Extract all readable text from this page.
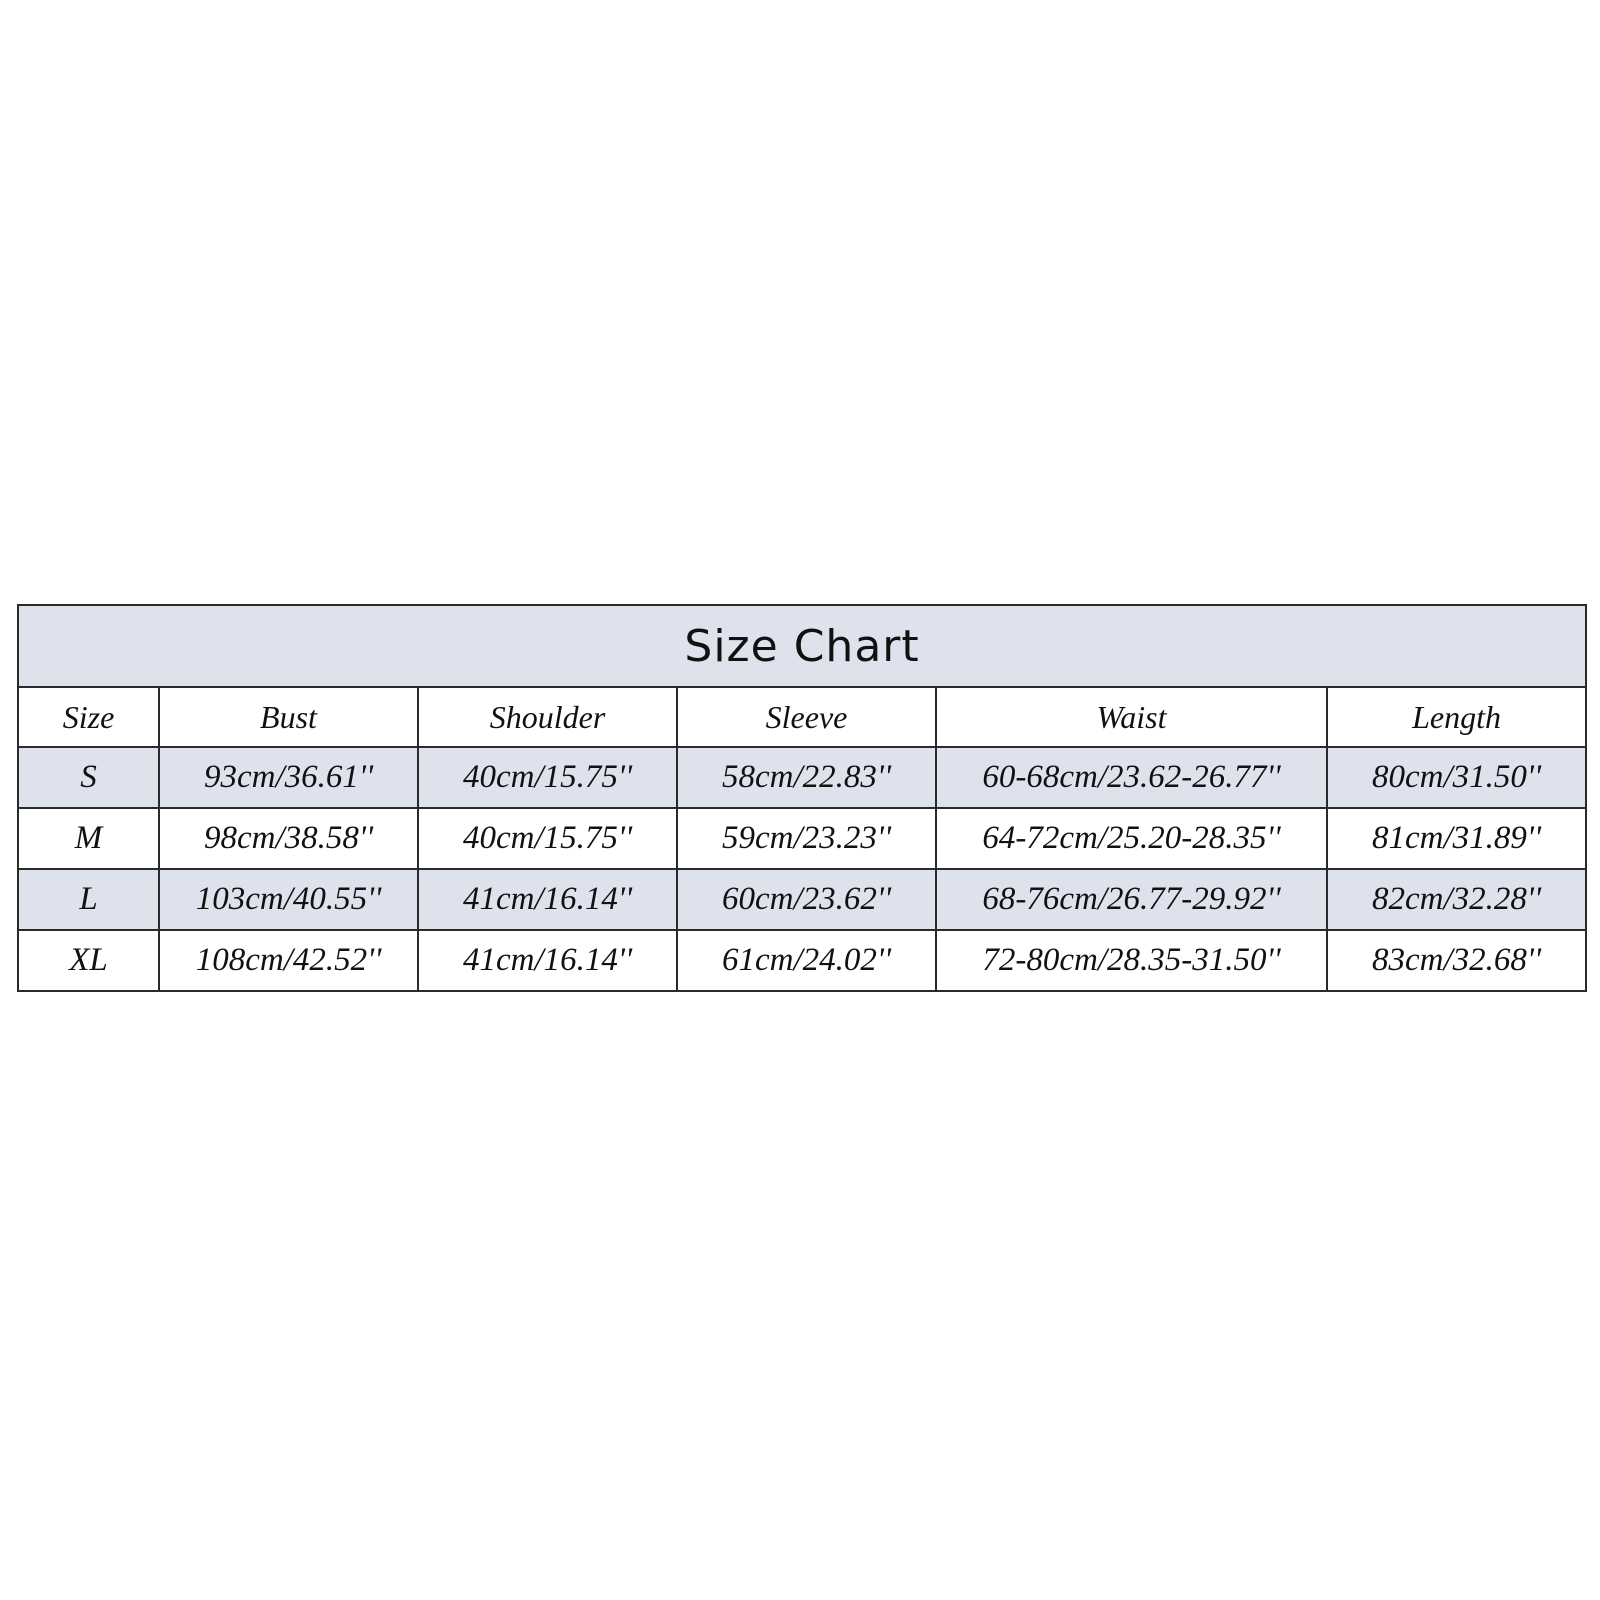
Size Chart					
Size	Bust	Shoulder	Sleeve	Waist	Length
S	93cm/36.61''	40cm/15.75''	58cm/22.83''	60-68cm/23.62-26.77''	80cm/31.50''
M	98cm/38.58''	40cm/15.75''	59cm/23.23''	64-72cm/25.20-28.35''	81cm/31.89''
L	103cm/40.55''	41cm/16.14''	60cm/23.62''	68-76cm/26.77-29.92''	82cm/32.28''
XL	108cm/42.52''	41cm/16.14''	61cm/24.02''	72-80cm/28.35-31.50''	83cm/32.68''
